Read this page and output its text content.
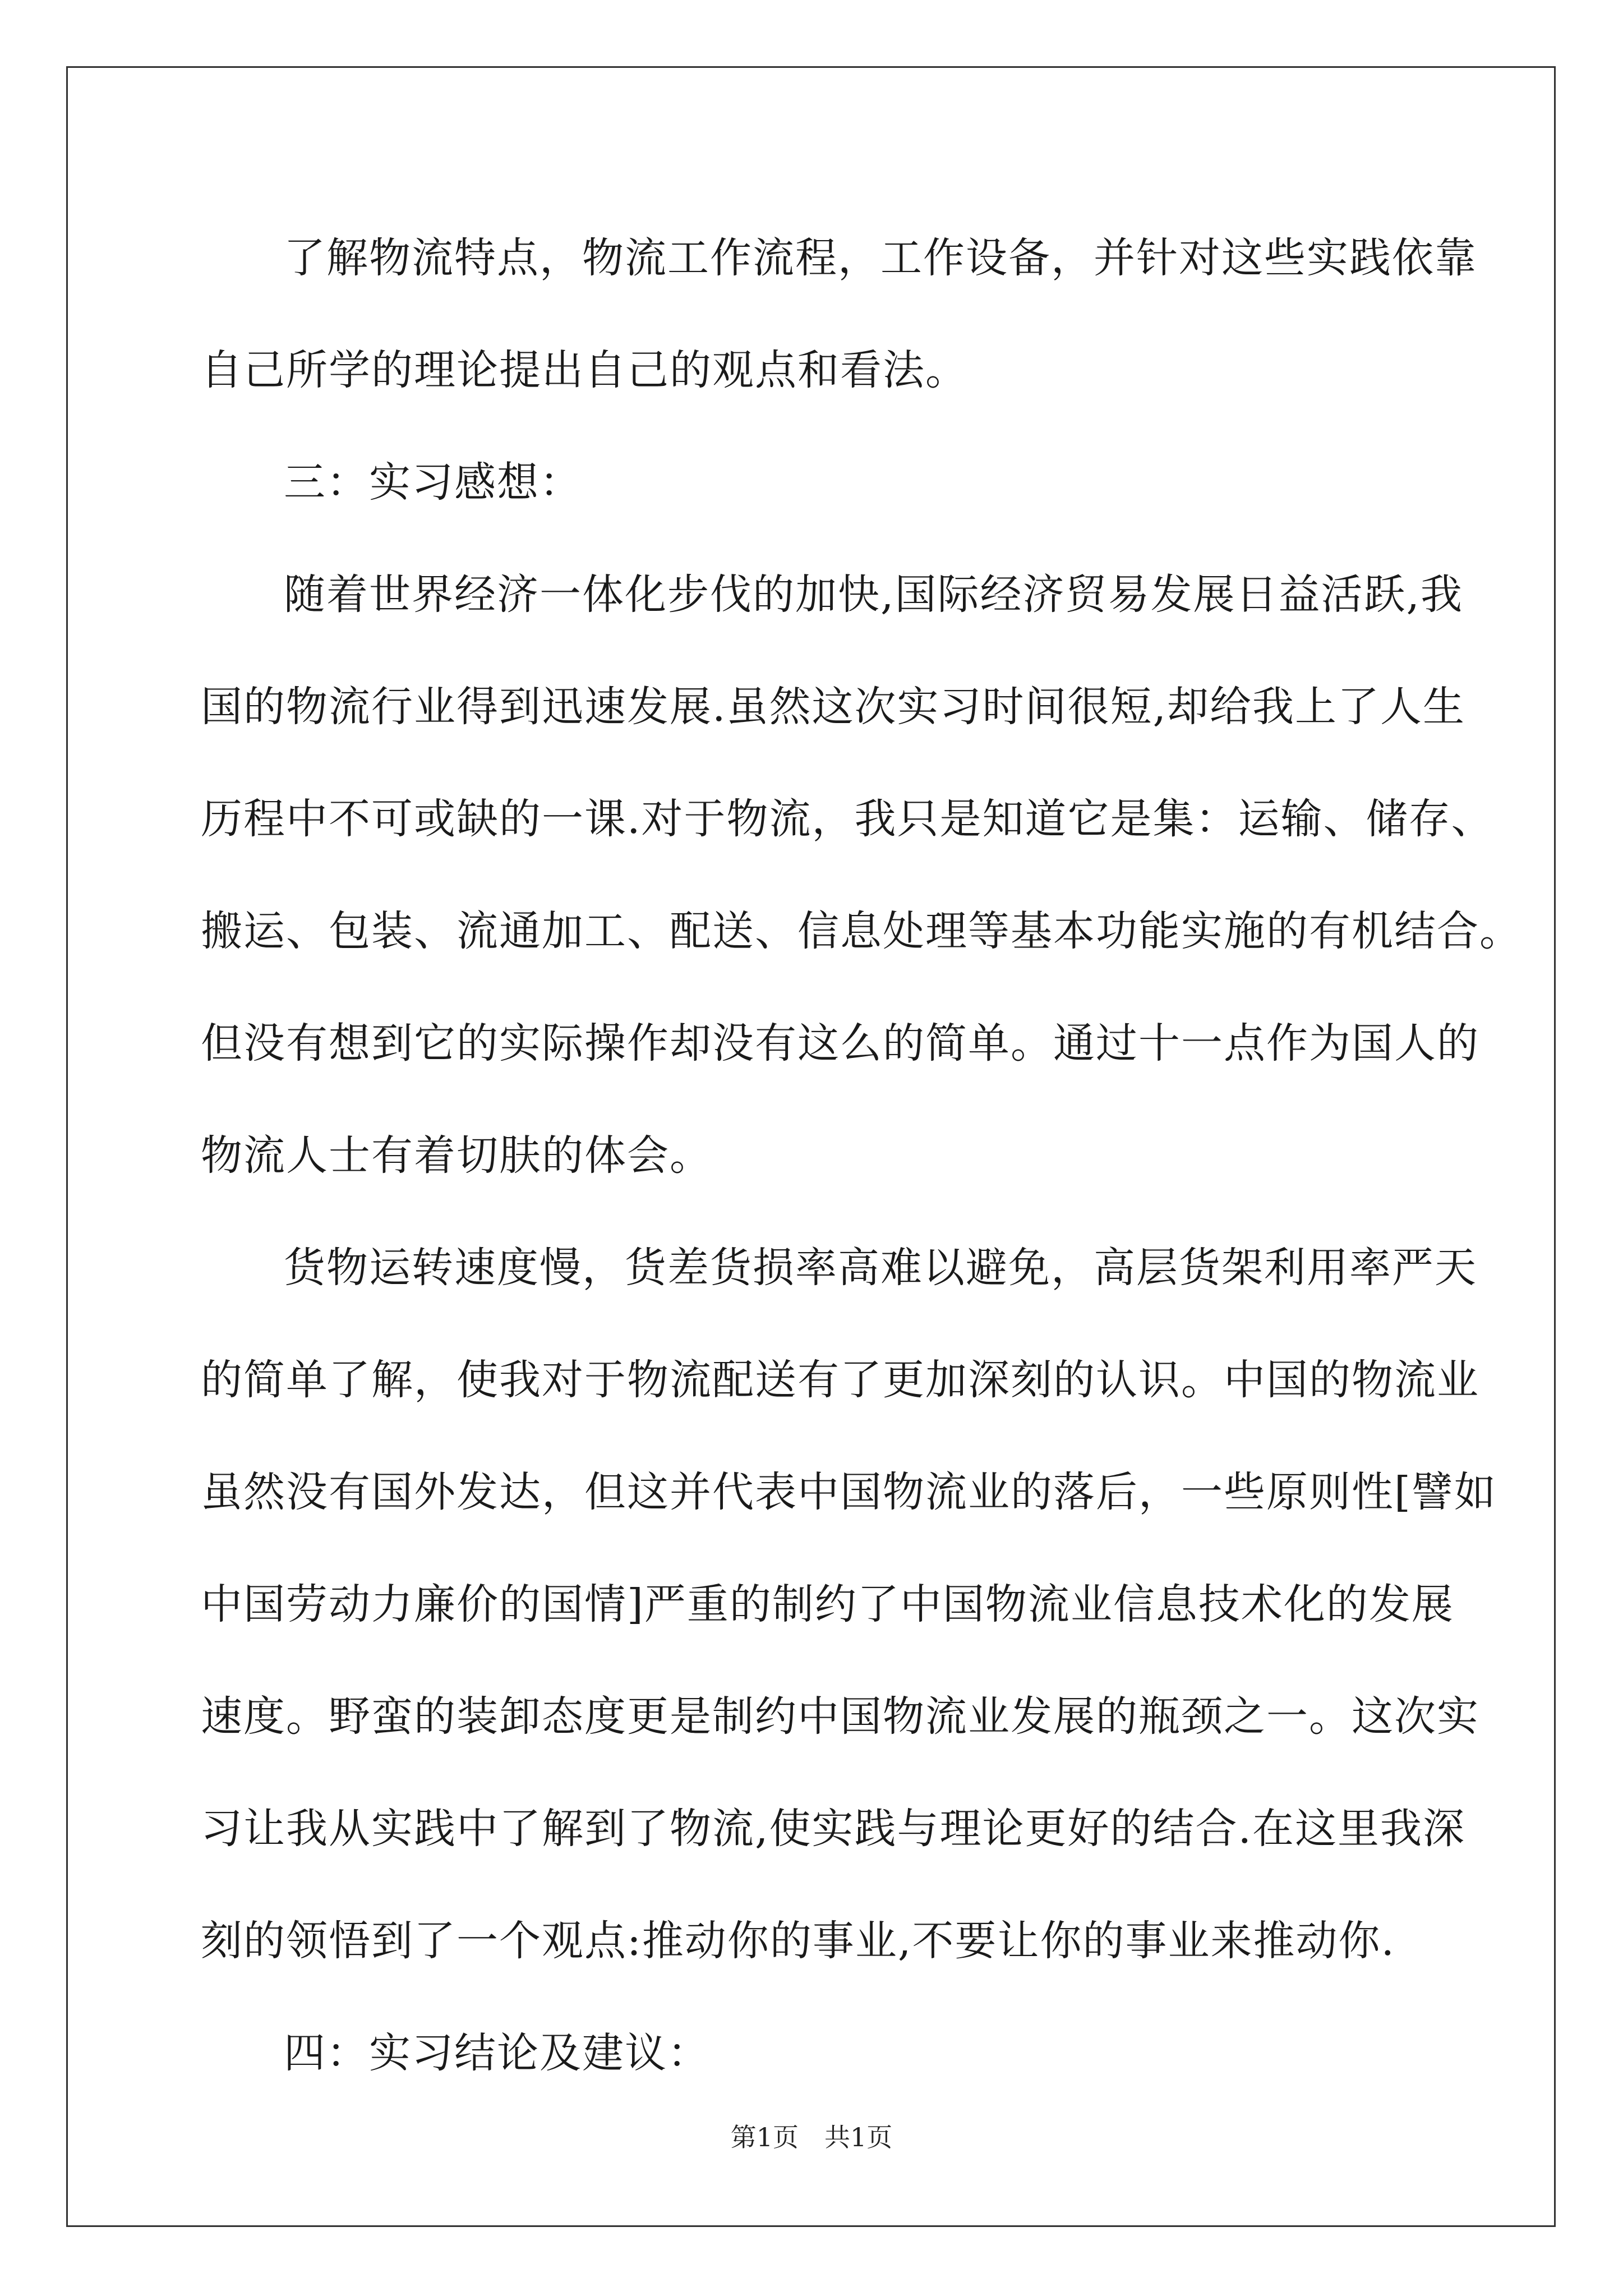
了解物流特点，物流工作流程，工作设备，并针对这些实践依靠
自己所学的理论提出自己的观点和看法。
三：实习感想：
随着世界经济一体化步伐的加快,国际经济贸易发展日益活跃,我
国的物流行业得到迅速发展.虽然这次实习时间很短,却给我上了人生
历程中不可或缺的一课.对于物流，我只是知道它是集：运输、储存、
搬运、包装、流通加工、配送、信息处理等基本功能实施的有机结合。
但没有想到它的实际操作却没有这么的简单。通过十一点作为国人的
物流人士有着切肤的体会。
货物运转速度慢，货差货损率高难以避免，高层货架利用率严天
的简单了解，使我对于物流配送有了更加深刻的认识。中国的物流业
虽然没有国外发达，但这并代表中国物流业的落后，一些原则性[譬如
中国劳动力廉价的国情]严重的制约了中国物流业信息技术化的发展
速度。野蛮的装卸态度更是制约中国物流业发展的瓶颈之一。这次实
习让我从实践中了解到了物流,使实践与理论更好的结合.在这里我深
刻的领悟到了一个观点:推动你的事业,不要让你的事业来推动你.
四：实习结论及建议：
第1页　共1页
